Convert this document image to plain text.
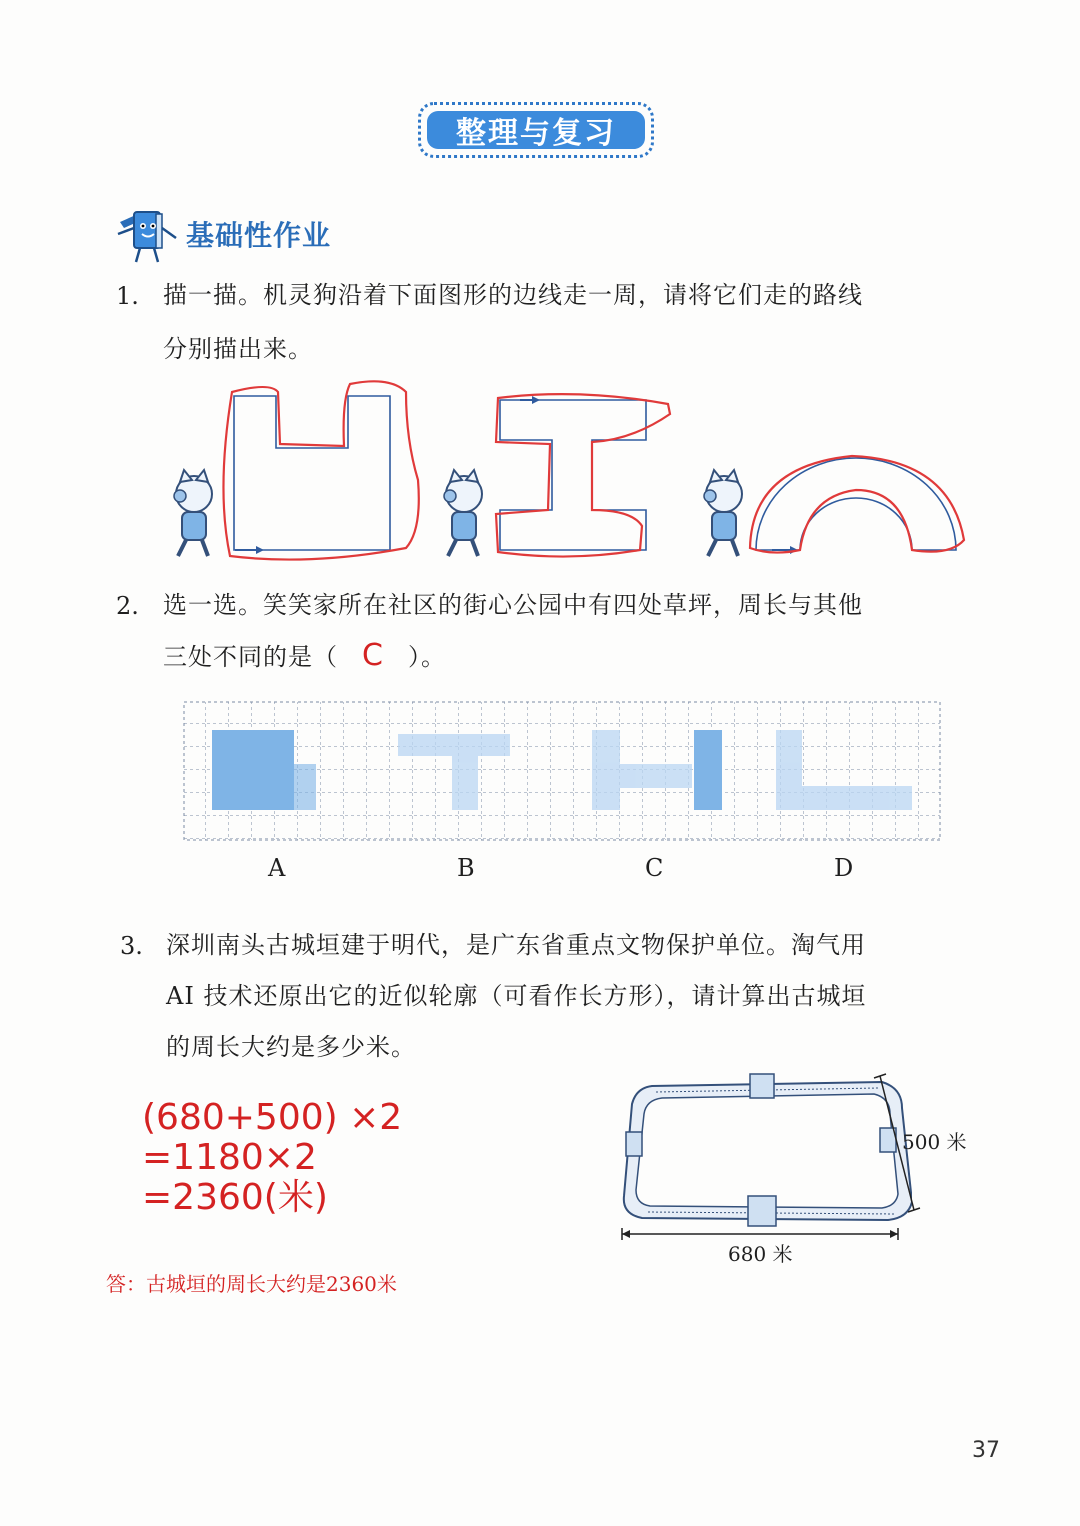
整理与复习
基础性作业
1. 描一描。机灵狗沿着下面图形的边线走一周，请将它们走的路线
分别描出来。
2. 选一选。笑笑家所在社区的街心公园中有四处草坪，周长与其他
三处不同的是（ C ）。
A	B	C	D
3. 深圳南头古城垣建于明代，是广东省重点文物保护单位。淘气用
AI 技术还原出它的近似轮廓（可看作长方形），请计算出古城垣
的周长大约是多少米。
(680+500) ×2
=1180×2
=2360(米)
答：古城垣的周长大约是2360米
680 米
500 米
37
